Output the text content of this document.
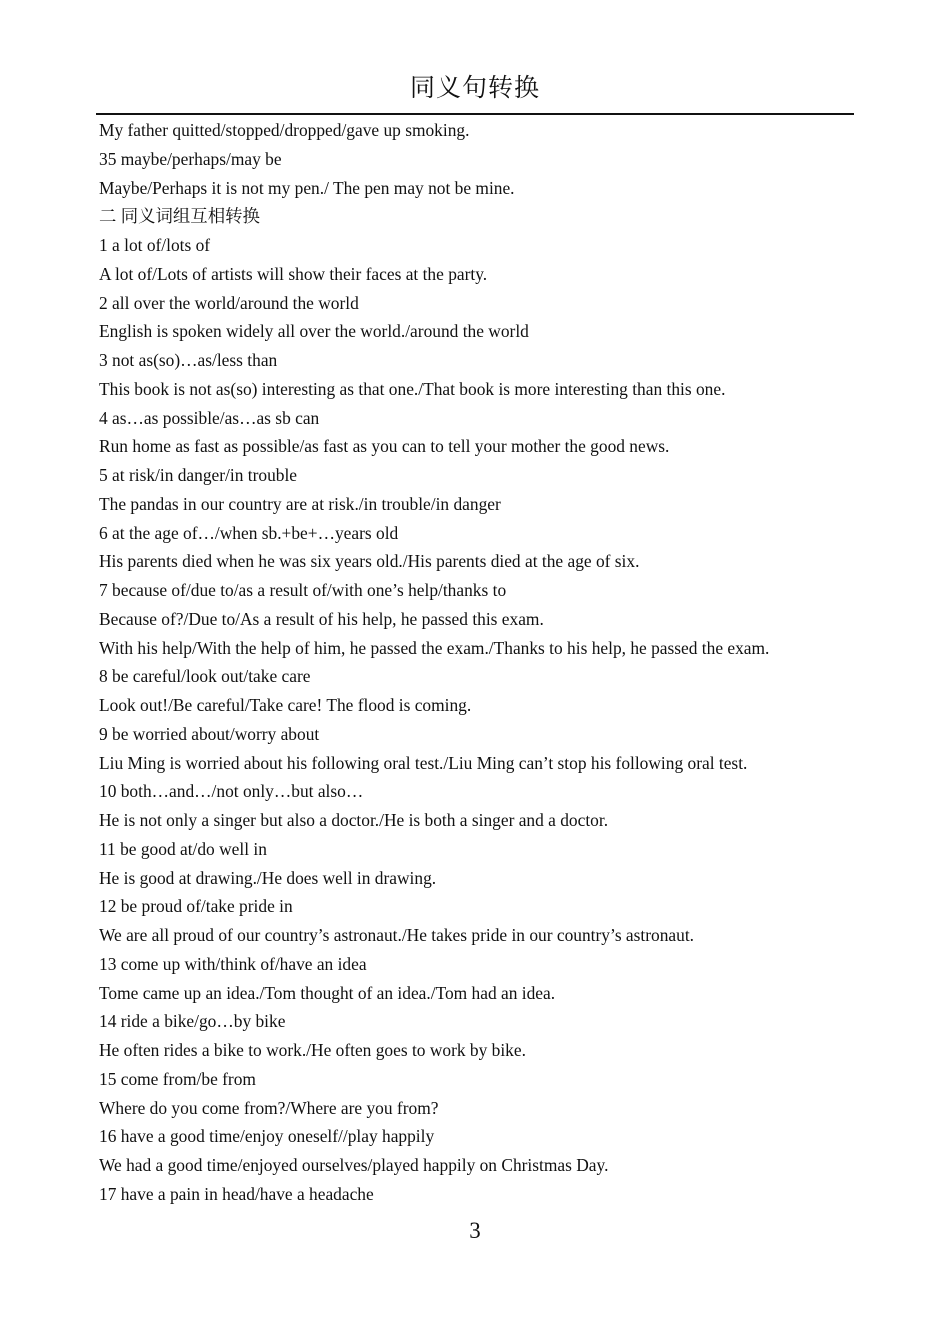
同义句转换
My father quitted/stopped/dropped/gave up smoking.
35 maybe/perhaps/may be
Maybe/Perhaps it is not my pen./ The pen may not be mine.
二 同义词组互相转换
1 a lot of/lots of
A lot of/Lots of artists will show their faces at the party.
2 all over the world/around the world
English is spoken widely all over the world./around the world
3 not as(so)…as/less than
This book is not as(so) interesting as that one./That book is more interesting than this one.
4 as…as possible/as…as sb can
Run home as fast as possible/as fast as you can to tell your mother the good news.
5 at risk/in danger/in trouble
The pandas in our country are at risk./in trouble/in danger
6 at the age of…/when sb.+be+…years old
His parents died when he was six years old./His parents died at the age of six.
7 because of/due to/as a result of/with one’s help/thanks to
Because of?/Due to/As a result of his help, he passed this exam.
With his help/With the help of him, he passed the exam./Thanks to his help, he passed the exam.
8 be careful/look out/take care
Look out!/Be careful/Take care! The flood is coming.
9 be worried about/worry about
Liu Ming is worried about his following oral test./Liu Ming can’t stop his following oral test.
10 both…and…/not only…but also…
He is not only a singer but also a doctor./He is both a singer and a doctor.
11 be good at/do well in
He is good at drawing./He does well in drawing.
12 be proud of/take pride in
We are all proud of our country’s astronaut./He takes pride in our country’s astronaut.
13 come up with/think of/have an idea
Tome came up an idea./Tom thought of an idea./Tom had an idea.
14 ride a bike/go…by bike
He often rides a bike to work./He often goes to work by bike.
15 come from/be from
Where do you come from?/Where are you from?
16 have a good time/enjoy oneself//play happily
We had a good time/enjoyed ourselves/played happily on Christmas Day.
17 have a pain in head/have a headache
3
